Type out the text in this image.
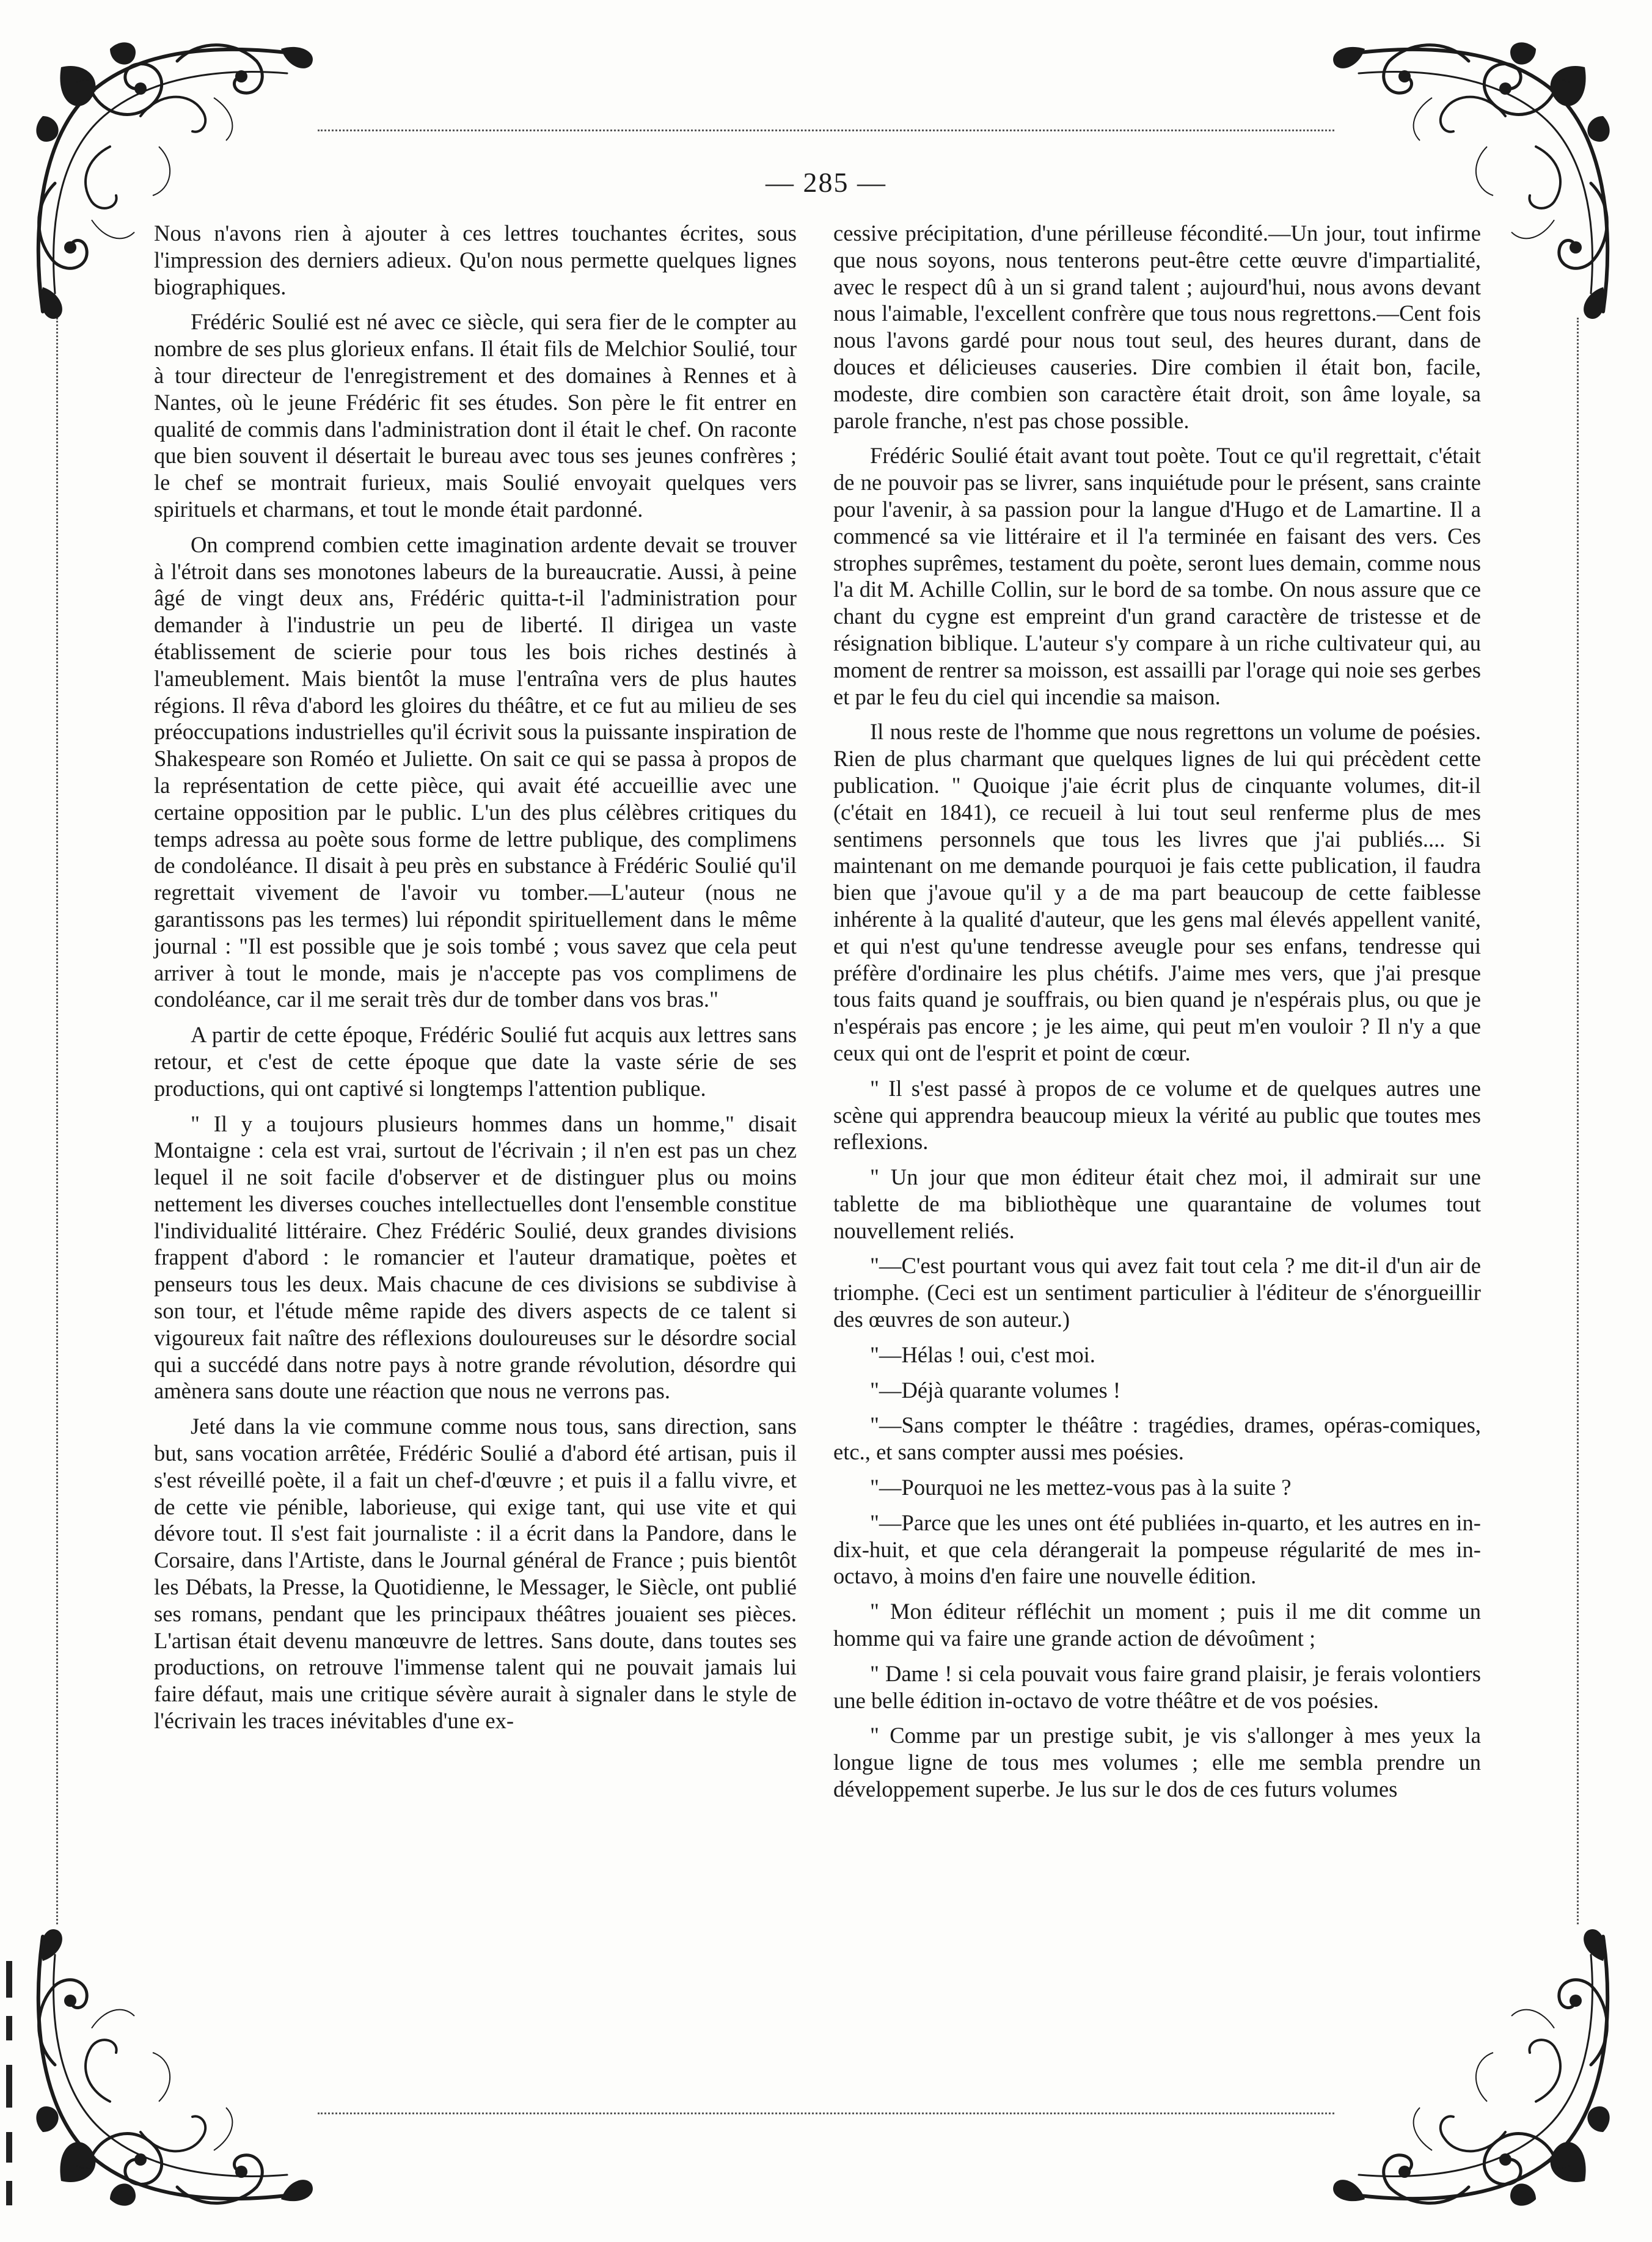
— 285 —

Nous n'avons rien à ajouter à ces lettres touchantes écrites, sous l'impression des derniers adieux. Qu'on nous permette quelques lignes biographiques.

Frédéric Soulié est né avec ce siècle, qui sera fier de le compter au nombre de ses plus glorieux enfans. Il était fils de Melchior Soulié, tour à tour directeur de l'enregistrement et des domaines à Rennes et à Nantes, où le jeune Frédéric fit ses études. Son père le fit entrer en qualité de commis dans l'administration dont il était le chef. On raconte que bien souvent il désertait le bureau avec tous ses jeunes confrères ; le chef se montrait furieux, mais Soulié envoyait quelques vers spirituels et charmans, et tout le monde était pardonné.

On comprend combien cette imagination ardente devait se trouver à l'étroit dans ses monotones labeurs de la bureaucratie. Aussi, à peine âgé de vingt deux ans, Frédéric quitta-t-il l'administration pour demander à l'industrie un peu de liberté. Il dirigea un vaste établissement de scierie pour tous les bois riches destinés à l'ameublement. Mais bientôt la muse l'entraîna vers de plus hautes régions. Il rêva d'abord les gloires du théâtre, et ce fut au milieu de ses préoccupations industrielles qu'il écrivit sous la puissante inspiration de Shakespeare son Roméo et Juliette. On sait ce qui se passa à propos de la représentation de cette pièce, qui avait été accueillie avec une certaine opposition par le public. L'un des plus célèbres critiques du temps adressa au poète sous forme de lettre publique, des complimens de condoléance. Il disait à peu près en substance à Frédéric Soulié qu'il regrettait vivement de l'avoir vu tomber.—L'auteur (nous ne garantissons pas les termes) lui répondit spirituellement dans le même journal : "Il est possible que je sois tombé ; vous savez que cela peut arriver à tout le monde, mais je n'accepte pas vos complimens de condoléance, car il me serait très dur de tomber dans vos bras."

A partir de cette époque, Frédéric Soulié fut acquis aux lettres sans retour, et c'est de cette époque que date la vaste série de ses productions, qui ont captivé si longtemps l'attention publique.

" Il y a toujours plusieurs hommes dans un homme," disait Montaigne : cela est vrai, surtout de l'écrivain ; il n'en est pas un chez lequel il ne soit facile d'observer et de distinguer plus ou moins nettement les diverses couches intellectuelles dont l'ensemble constitue l'individualité littéraire. Chez Frédéric Soulié, deux grandes divisions frappent d'abord : le romancier et l'auteur dramatique, poètes et penseurs tous les deux. Mais chacune de ces divisions se subdivise à son tour, et l'étude même rapide des divers aspects de ce talent si vigoureux fait naître des réflexions douloureuses sur le désordre social qui a succédé dans notre pays à notre grande révolution, désordre qui amènera sans doute une réaction que nous ne verrons pas.

Jeté dans la vie commune comme nous tous, sans direction, sans but, sans vocation arrêtée, Frédéric Soulié a d'abord été artisan, puis il s'est réveillé poète, il a fait un chef-d'œuvre ; et puis il a fallu vivre, et de cette vie pénible, laborieuse, qui exige tant, qui use vite et qui dévore tout. Il s'est fait journaliste : il a écrit dans la Pandore, dans le Corsaire, dans l'Artiste, dans le Journal général de France ; puis bientôt les Débats, la Presse, la Quotidienne, le Messager, le Siècle, ont publié ses romans, pendant que les principaux théâtres jouaient ses pièces. L'artisan était devenu manœuvre de lettres. Sans doute, dans toutes ses productions, on retrouve l'immense talent qui ne pouvait jamais lui faire défaut, mais une critique sévère aurait à signaler dans le style de l'écrivain les traces inévitables d'une ex-

cessive précipitation, d'une périlleuse fécondité.—Un jour, tout infirme que nous soyons, nous tenterons peut-être cette œuvre d'impartialité, avec le respect dû à un si grand talent ; aujourd'hui, nous avons devant nous l'aimable, l'excellent confrère que tous nous regrettons.—Cent fois nous l'avons gardé pour nous tout seul, des heures durant, dans de douces et délicieuses causeries. Dire combien il était bon, facile, modeste, dire combien son caractère était droit, son âme loyale, sa parole franche, n'est pas chose possible.

Frédéric Soulié était avant tout poète. Tout ce qu'il regrettait, c'était de ne pouvoir pas se livrer, sans inquiétude pour le présent, sans crainte pour l'avenir, à sa passion pour la langue d'Hugo et de Lamartine. Il a commencé sa vie littéraire et il l'a terminée en faisant des vers. Ces strophes suprêmes, testament du poète, seront lues demain, comme nous l'a dit M. Achille Collin, sur le bord de sa tombe. On nous assure que ce chant du cygne est empreint d'un grand caractère de tristesse et de résignation biblique. L'auteur s'y compare à un riche cultivateur qui, au moment de rentrer sa moisson, est assailli par l'orage qui noie ses gerbes et par le feu du ciel qui incendie sa maison.

Il nous reste de l'homme que nous regrettons un volume de poésies. Rien de plus charmant que quelques lignes de lui qui précèdent cette publication. " Quoique j'aie écrit plus de cinquante volumes, dit-il (c'était en 1841), ce recueil à lui tout seul renferme plus de mes sentimens personnels que tous les livres que j'ai publiés.... Si maintenant on me demande pourquoi je fais cette publication, il faudra bien que j'avoue qu'il y a de ma part beaucoup de cette faiblesse inhérente à la qualité d'auteur, que les gens mal élevés appellent vanité, et qui n'est qu'une tendresse aveugle pour ses enfans, tendresse qui préfère d'ordinaire les plus chétifs. J'aime mes vers, que j'ai presque tous faits quand je souffrais, ou bien quand je n'espérais plus, ou que je n'espérais pas encore ; je les aime, qui peut m'en vouloir ? Il n'y a que ceux qui ont de l'esprit et point de cœur.

" Il s'est passé à propos de ce volume et de quelques autres une scène qui apprendra beaucoup mieux la vérité au public que toutes mes reflexions.

" Un jour que mon éditeur était chez moi, il admirait sur une tablette de ma bibliothèque une quarantaine de volumes tout nouvellement reliés.

"—C'est pourtant vous qui avez fait tout cela ? me dit-il d'un air de triomphe. (Ceci est un sentiment particulier à l'éditeur de s'énorgueillir des œuvres de son auteur.)

"—Hélas ! oui, c'est moi.

"—Déjà quarante volumes !

"—Sans compter le théâtre : tragédies, drames, opéras-comiques, etc., et sans compter aussi mes poésies.

"—Pourquoi ne les mettez-vous pas à la suite ?

"—Parce que les unes ont été publiées in-quarto, et les autres en in-dix-huit, et que cela dérangerait la pompeuse régularité de mes in-octavo, à moins d'en faire une nouvelle édition.

" Mon éditeur réfléchit un moment ; puis il me dit comme un homme qui va faire une grande action de dévoûment ;

" Dame ! si cela pouvait vous faire grand plaisir, je ferais volontiers une belle édition in-octavo de votre théâtre et de vos poésies.

" Comme par un prestige subit, je vis s'allonger à mes yeux la longue ligne de tous mes volumes ; elle me sembla prendre un développement superbe. Je lus sur le dos de ces futurs volumes
